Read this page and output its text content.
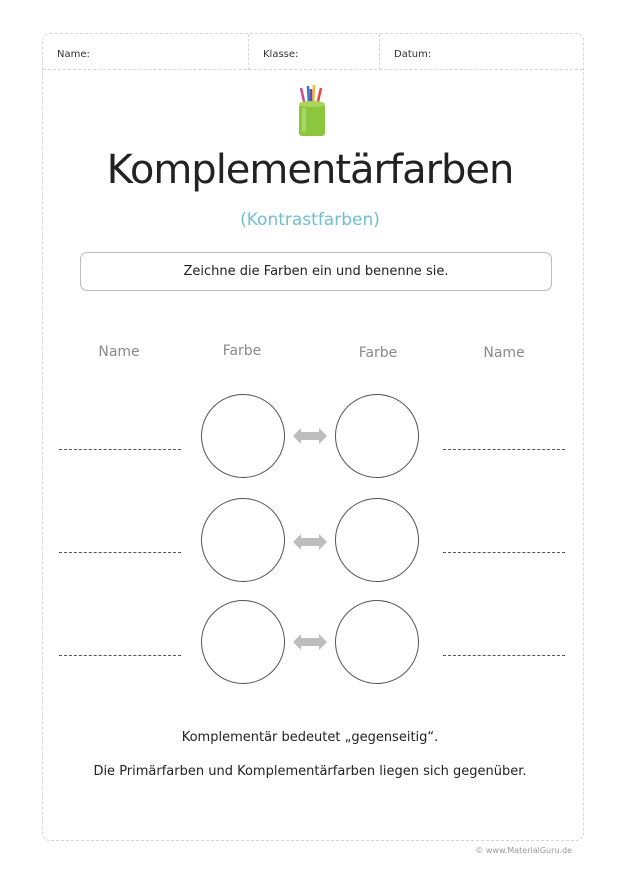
Name:	Klasse:	Datum:
Komplementärfarben
(Kontrastfarben)
Zeichne die Farben ein und benenne sie.
Name	Farbe	Farbe	Name
Komplementär bedeutet „gegenseitig“.
Die Primärfarben und Komplementärfarben liegen sich gegenüber.
© www.MaterialGuru.de
